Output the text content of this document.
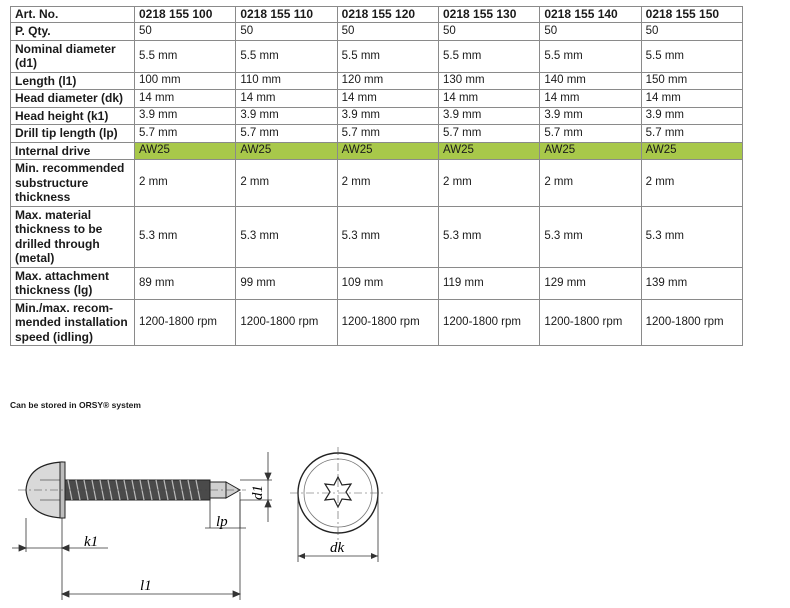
Art. No.	0218 155 100	0218 155 110	0218 155 120	0218 155 130	0218 155 140	0218 155 150
P. Qty.	50	50	50	50	50	50
Nominal diameter (d1)	5.5 mm	5.5 mm	5.5 mm	5.5 mm	5.5 mm	5.5 mm
Length (l1)	100 mm	110 mm	120 mm	130 mm	140 mm	150 mm
Head diameter (dk)	14 mm	14 mm	14 mm	14 mm	14 mm	14 mm
Head height (k1)	3.9 mm	3.9 mm	3.9 mm	3.9 mm	3.9 mm	3.9 mm
Drill tip length (lp)	5.7 mm	5.7 mm	5.7 mm	5.7 mm	5.7 mm	5.7 mm
Internal drive	AW25	AW25	AW25	AW25	AW25	AW25
Min. recommended substructure thickness	2 mm	2 mm	2 mm	2 mm	2 mm	2 mm
Max. material thickness to be drilled through (metal)	5.3 mm	5.3 mm	5.3 mm	5.3 mm	5.3 mm	5.3 mm
Max. attachment thickness (lg)	89 mm	99 mm	109 mm	119 mm	129 mm	139 mm
Min./max. recommended installation speed (idling)	1200-1800 rpm	1200-1800 rpm	1200-1800 rpm	1200-1800 rpm	1200-1800 rpm	1200-1800 rpm
Can be stored in ORSY® system
k1
l1
lp
d1
dk
